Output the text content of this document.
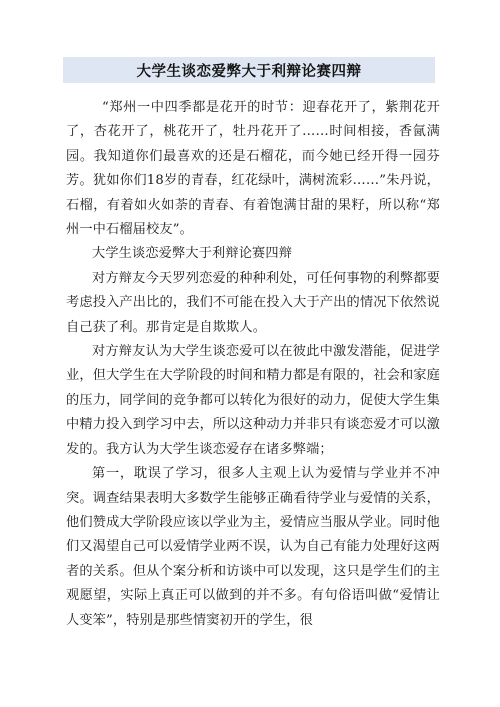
大学生谈恋爱弊大于利辩论赛四辩

“郑州一中四季都是花开的时节：迎春花开了，紫荆花开了，杏花开了，桃花开了，牡丹花开了……时间相接，香氤满园。我知道你们最喜欢的还是石榴花，而今她已经开得一园芬芳。犹如你们18岁的青春，红花绿叶，满树流彩……”朱丹说，石榴，有着如火如荼的青春、有着饱满甘甜的果籽，所以称“郑州一中石榴届校友”。

大学生谈恋爱弊大于利辩论赛四辩

对方辩友今天罗列恋爱的种种利处，可任何事物的利弊都要考虑投入产出比的，我们不可能在投入大于产出的情况下依然说自己获了利。那肯定是自欺欺人。

对方辩友认为大学生谈恋爱可以在彼此中激发潜能，促进学业，但大学生在大学阶段的时间和精力都是有限的，社会和家庭的压力，同学间的竞争都可以转化为很好的动力，促使大学生集中精力投入到学习中去，所以这种动力并非只有谈恋爱才可以激发的。我方认为大学生谈恋爱存在诸多弊端；

第一，耽误了学习，很多人主观上认为爱情与学业并不冲突。调查结果表明大多数学生能够正确看待学业与爱情的关系，他们赞成大学阶段应该以学业为主，爱情应当服从学业。同时他们又渴望自己可以爱情学业两不误，认为自己有能力处理好这两者的关系。但从个案分析和访谈中可以发现，这只是学生们的主观愿望，实际上真正可以做到的并不多。有句俗语叫做“爱情让人变笨”，特别是那些情窦初开的学生，很
